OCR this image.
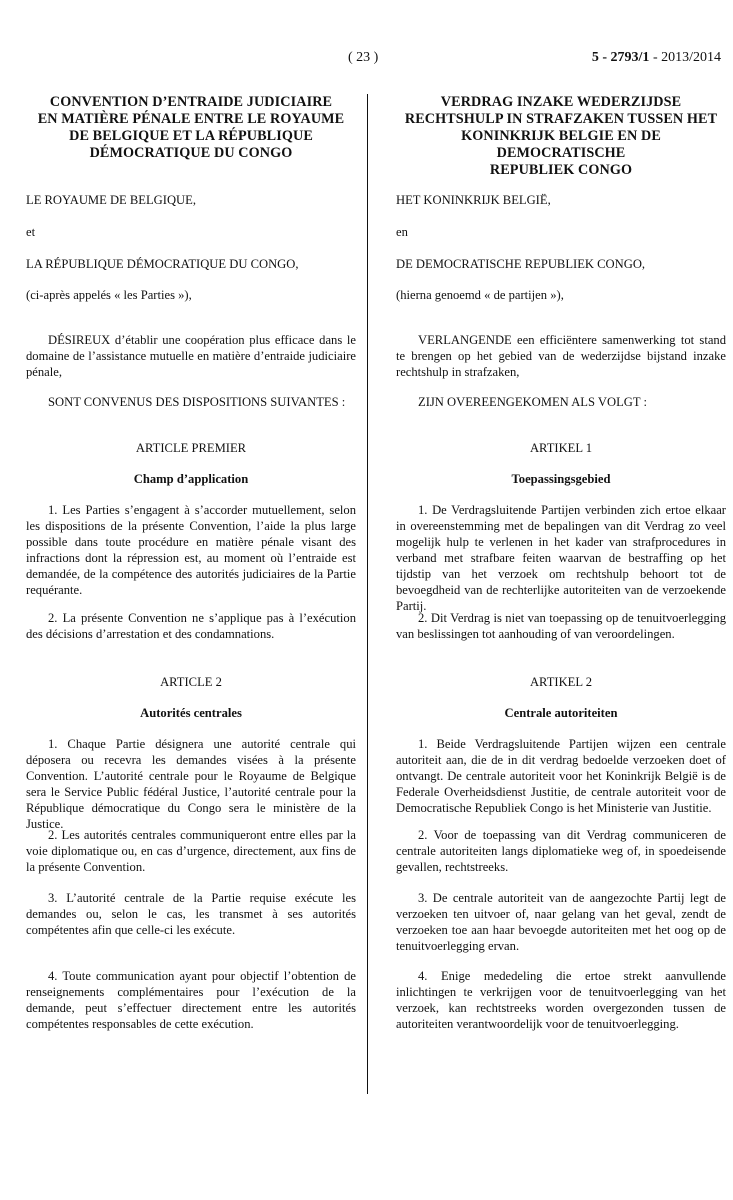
( 23 )	5 - 2793/1 - 2013/2014

CONVENTION D’ENTRAIDE JUDICIAIRE

EN MATIÈRE PÉNALE ENTRE LE ROYAUME

DE BELGIQUE ET LA RÉPUBLIQUE

DÉMOCRATIQUE DU CONGO

LE ROYAUME DE BELGIQUE,

et

LA RÉPUBLIQUE DÉMOCRATIQUE DU CONGO,

(ci-après appelés « les Parties »),

DÉSIREUX d’établir une coopération plus efficace dans le domaine de l’assistance mutuelle en matière d’entraide judiciaire pénale,

SONT CONVENUS DES DISPOSITIONS SUIVANTES :

ARTICLE PREMIER

Champ d’application

1. Les Parties s’engagent à s’accorder mutuellement, selon les dispositions de la présente Convention, l’aide la plus large possible dans toute procédure en matière pénale visant des infractions dont la répression est, au moment où l’entraide est demandée, de la compétence des autorités judiciaires de la Partie requérante.

2. La présente Convention ne s’applique pas à l’exécution des décisions d’arrestation et des condamnations.

ARTICLE 2

Autorités centrales

1. Chaque Partie désignera une autorité centrale qui déposera ou recevra les demandes visées à la présente Convention. L’autorité centrale pour le Royaume de Belgique sera le Service Public fédéral Justice, l’autorité centrale pour la République démocratique du Congo sera le ministère de la Justice.

2. Les autorités centrales communiqueront entre elles par la voie diplomatique ou, en cas d’urgence, directement, aux fins de la présente Convention.

3. L’autorité centrale de la Partie requise exécute les demandes ou, selon le cas, les transmet à ses autorités compétentes afin que celle-ci les exécute.

4. Toute communication ayant pour objectif l’obtention de renseignements complémentaires pour l’exécution de la demande, peut s’effectuer directement entre les autorités compétentes responsables de cette exécution.

VERDRAG INZAKE WEDERZIJDSE

RECHTSHULP IN STRAFZAKEN TUSSEN HET

KONINKRIJK BELGIE EN DE DEMOCRATISCHE

REPUBLIEK CONGO

HET KONINKRIJK BELGIË,

en

DE DEMOCRATISCHE REPUBLIEK CONGO,

(hierna genoemd « de partijen »),

VERLANGENDE een efficiëntere samenwerking tot stand te brengen op het gebied van de wederzijdse bijstand inzake rechtshulp in strafzaken,

ZIJN OVEREENGEKOMEN ALS VOLGT :

ARTIKEL 1

Toepassingsgebied

1. De Verdragsluitende Partijen verbinden zich ertoe elkaar in overeenstemming met de bepalingen van dit Verdrag zo veel mogelijk hulp te verlenen in het kader van strafprocedures in verband met strafbare feiten waarvan de bestraffing op het tijdstip van het verzoek om rechtshulp behoort tot de bevoegdheid van de rechterlijke autoriteiten van de verzoekende Partij.

2. Dit Verdrag is niet van toepassing op de tenuitvoerlegging van beslissingen tot aanhouding of van veroordelingen.

ARTIKEL 2

Centrale autoriteiten

1. Beide Verdragsluitende Partijen wijzen een centrale autoriteit aan, die de in dit verdrag bedoelde verzoeken doet of ontvangt. De centrale autoriteit voor het Koninkrijk België is de Federale Overheidsdienst Justitie, de centrale autoriteit voor de Democratische Republiek Congo is het Ministerie van Justitie.

2. Voor de toepassing van dit Verdrag communiceren de centrale autoriteiten langs diplomatieke weg of, in spoedeisende gevallen, rechtstreeks.

3. De centrale autoriteit van de aangezochte Partij legt de verzoeken ten uitvoer of, naar gelang van het geval, zendt de verzoeken toe aan haar bevoegde autoriteiten met het oog op de tenuitvoerlegging ervan.

4. Enige mededeling die ertoe strekt aanvullende inlichtingen te verkrijgen voor de tenuitvoerlegging van het verzoek, kan rechtstreeks worden overgezonden tussen de autoriteiten verantwoordelijk voor de tenuitvoerlegging.
